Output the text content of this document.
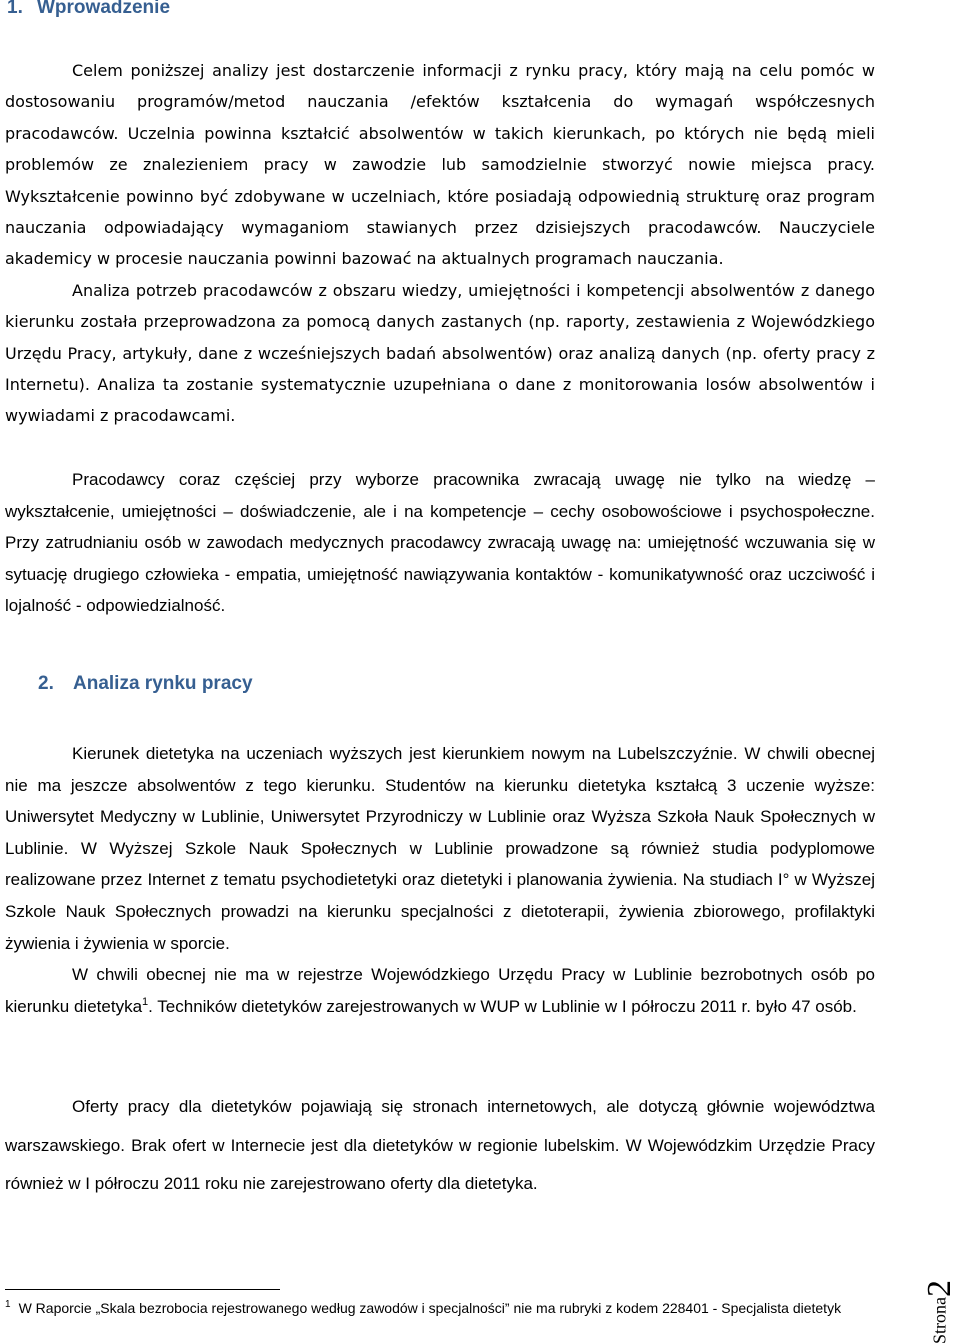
1. Wprowadzenie

Celem poniższej analizy jest dostarczenie informacji z rynku pracy, który mają na celu pomóc w dostosowaniu programów/metod nauczania /efektów kształcenia do wymagań współczesnych pracodawców. Uczelnia powinna kształcić absolwentów w takich kierunkach, po których nie będą mieli problemów ze znalezieniem pracy w zawodzie lub samodzielnie stworzyć nowie miejsca pracy. Wykształcenie powinno być zdobywane w uczelniach, które posiadają odpowiednią strukturę oraz program nauczania odpowiadający wymaganiom stawianych przez dzisiejszych pracodawców. Nauczyciele akademicy w procesie nauczania powinni bazować na aktualnych programach nauczania.

Analiza potrzeb pracodawców z obszaru wiedzy, umiejętności i kompetencji absolwentów z danego kierunku została przeprowadzona za pomocą danych zastanych (np. raporty, zestawienia z Wojewódzkiego Urzędu Pracy, artykuły, dane z wcześniejszych badań absolwentów) oraz analizą danych (np. oferty pracy z Internetu). Analiza ta zostanie systematycznie uzupełniana o dane z monitorowania losów absolwentów i wywiadami z pracodawcami.

Pracodawcy coraz częściej przy wyborze pracownika zwracają uwagę nie tylko na wiedzę – wykształcenie, umiejętności – doświadczenie, ale i na kompetencje – cechy osobowościowe i psychospołeczne. Przy zatrudnianiu osób w zawodach medycznych pracodawcy zwracają uwagę na: umiejętność wczuwania się w sytuację drugiego człowieka - empatia, umiejętność nawiązywania kontaktów - komunikatywność oraz uczciwość i lojalność - odpowiedzialność.

2. Analiza rynku pracy

Kierunek dietetyka na uczeniach wyższych jest kierunkiem nowym na Lubelszczyźnie. W chwili obecnej nie ma jeszcze absolwentów z tego kierunku. Studentów na kierunku dietetyka kształcą 3 uczenie wyższe: Uniwersytet Medyczny w Lublinie, Uniwersytet Przyrodniczy w Lublinie oraz Wyższa Szkoła Nauk Społecznych w Lublinie. W Wyższej Szkole Nauk Społecznych w Lublinie prowadzone są również studia podyplomowe realizowane przez Internet z tematu psychodietetyki oraz dietetyki i planowania żywienia. Na studiach I° w Wyższej Szkole Nauk Społecznych prowadzi na kierunku specjalności z dietoterapii, żywienia zbiorowego, profilaktyki żywienia i żywienia w sporcie.

W chwili obecnej nie ma w rejestrze Wojewódzkiego Urzędu Pracy w Lublinie bezrobotnych osób po kierunku dietetyka$^1$. Techników dietetyków zarejestrowanych w WUP w Lublinie w I półroczu 2011 r. było 47 osób.

Oferty pracy dla dietetyków pojawiają się stronach internetowych, ale dotyczą głównie województwa warszawskiego. Brak ofert w Internecie jest dla dietetyków w regionie lubelskim. W Wojewódzkim Urzędzie Pracy również w I półroczu 2011 roku nie zarejestrowano oferty dla dietetyka.

$^1$ W Raporcie „Skala bezrobocia rejestrowanego według zawodów i specjalności” nie ma rubryki z kodem 228401 - Specjalista dietetyk	Strona
2
